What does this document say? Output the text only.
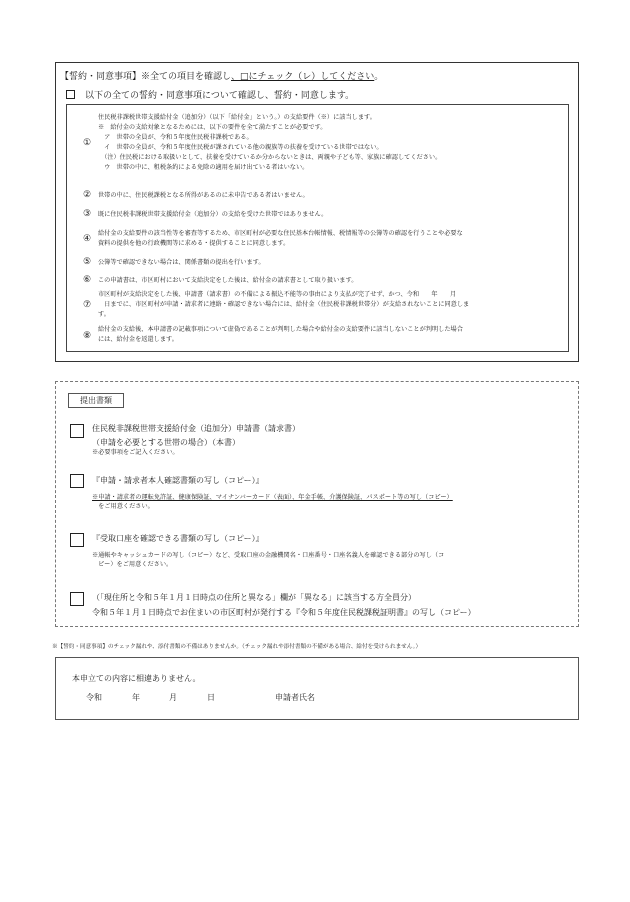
【誓約・同意事項】※全ての項目を確認し、□にチェック（レ）してください。
以下の全ての誓約・同意事項について確認し、誓約・同意します。
①
住民税非課税世帯支援給付金（追加分）（以下「給付金」という。）の支給要件（※）に該当します。
※　給付金の支給対象となるためには、以下の要件を全て満たすことが必要です。
　ア　世帯の全員が、令和５年度住民税非課税である。
　イ　世帯の全員が、令和５年度住民税が課されている他の親族等の扶養を受けている世帯ではない。
　（注）住民税における取扱いとして、扶養を受けているか分からないときは、両親や子ども等、家族に確認してください。
　ウ　世帯の中に、租税条約による免除の適用を届け出ている者はいない。
②	世帯の中に、住民税課税となる所得があるのに未申告である者はいません。
③	既に住民税非課税世帯支援給付金（追加分）の支給を受けた世帯ではありません。
④
給付金の支給要件の該当性等を審査等するため、市区町村が必要な住民基本台帳情報、税情報等の公簿等の確認を行うことや必要な
資料の提供を他の行政機関等に求める・提供することに同意します。
⑤	公簿等で確認できない場合は、関係書類の提出を行います。
⑥	この申請書は、市区町村において支給決定をした後は、給付金の請求書として取り扱います。
⑦
市区町村が支給決定をした後、申請書（請求書）の不備による振込不能等の事由により支払が完了せず、かつ、令和　　年　　月
　日までに、市区町村が申請・請求者に連絡・確認できない場合には、給付金（住民税非課税世帯分）が支給されないことに同意しま
す。
⑧
給付金の支給後、本申請書の記載事項について虚偽であることが判明した場合や給付金の支給要件に該当しないことが判明した場合
には、給付金を返還します。
提出書類
住民税非課税世帯支援給付金（追加分）申請書（請求書）
（申請を必要とする世帯の場合）（本書）
※必要事項をご記入ください。
『申請・請求者本人確認書類の写し（コピー）』
※申請・請求者の運転免許証、健康保険証、マイナンバーカード（表面）、年金手帳、介護保険証、パスポート等の写し（コピー）
　をご用意ください。
『受取口座を確認できる書類の写し（コピー）』
※通帳やキャッシュカードの写し（コピー）など、受取口座の金融機関名・口座番号・口座名義人を確認できる部分の写し（コ
　ピー）をご用意ください。
（「現住所と令和５年１月１日時点の住所と異なる」欄が「異なる」に該当する方全員分）
令和５年１月１日時点でお住まいの市区町村が発行する『令和５年度住民税課税証明書』の写し（コピー）
※【誓約・同意事項】のチェック漏れや、添付書類の不備はありませんか。（チェック漏れや添付書類の不備がある場合、給付を受けられません。）
本申立ての内容に相違ありません。
令和	年	月	日	申請者氏名
